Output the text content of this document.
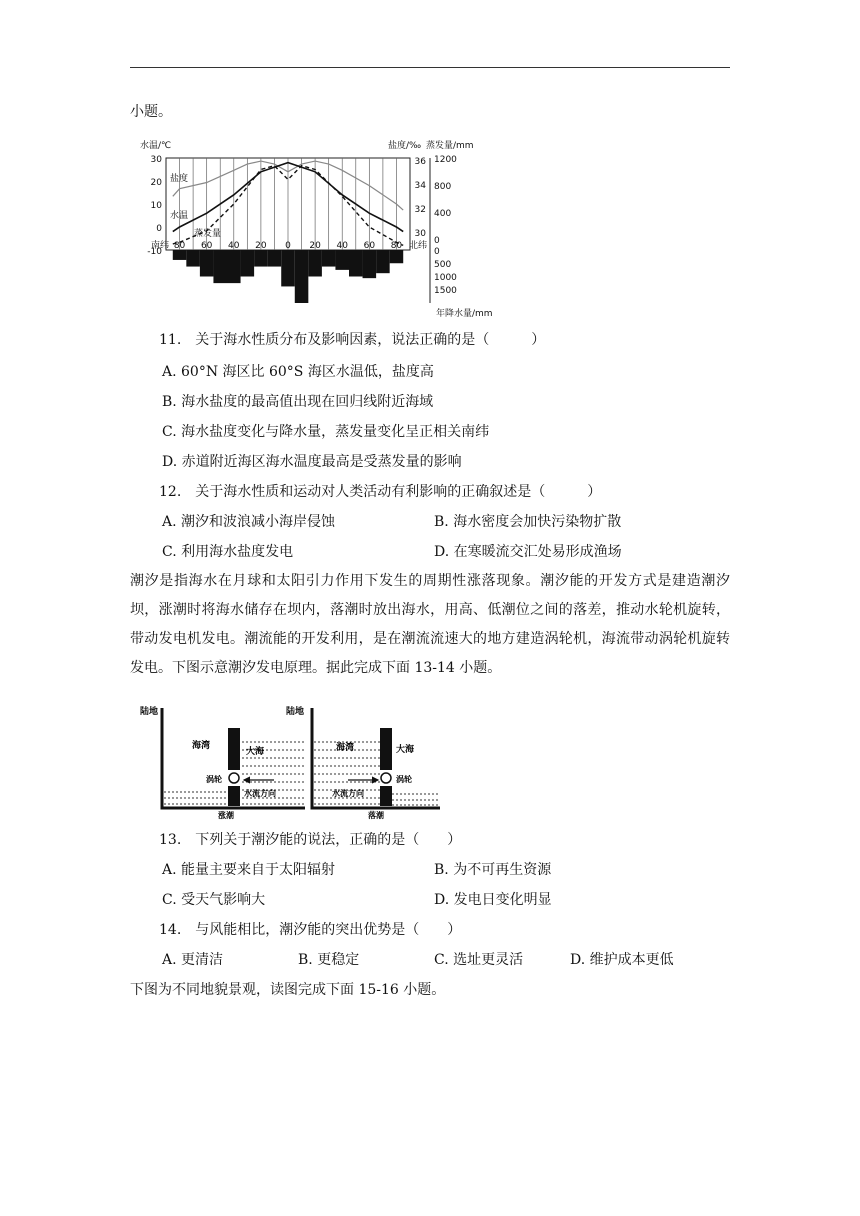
小题。
水温/℃	盐度/‰ 蒸发量/mm
年降水量/mm
30
20
10
0
-10
36
34
32
30
1200
800
400
0
0
500
1000
1500
南纬 80 60 40 20 0 20 40 60 80 北纬
盐度
水温
蒸发量
11.　关于海水性质分布及影响因素，说法正确的是（　　　）
A. 60°N 海区比 60°S 海区水温低，盐度高
B. 海水盐度的最高值出现在回归线附近海域
C. 海水盐度变化与降水量，蒸发量变化呈正相关南纬
D. 赤道附近海区海水温度最高是受蒸发量的影响
12.　关于海水性质和运动对人类活动有利影响的正确叙述是（　　　）
A. 潮汐和波浪减小海岸侵蚀	B. 海水密度会加快污染物扩散
C. 利用海水盐度发电	D. 在寒暖流交汇处易形成渔场
潮汐是指海水在月球和太阳引力作用下发生的周期性涨落现象。潮汐能的开发方式是建造潮汐坝，涨潮时将海水储存在坝内，落潮时放出海水，用高、低潮位之间的落差，推动水轮机旋转，带动发电机发电。潮流能的开发利用，是在潮流流速大的地方建造涡轮机，海流带动涡轮机旋转发电。下图示意潮汐发电原理。据此完成下面 13-14 小题。
陆地
海湾
大海
涡轮
水流方向
涨潮
陆地
海湾	大海
涡轮
水流方向
落潮
13.　下列关于潮汐能的说法，正确的是（　　）
A. 能量主要来自于太阳辐射	B. 为不可再生资源
C. 受天气影响大	D. 发电日变化明显
14.　与风能相比，潮汐能的突出优势是（　　）
A. 更清洁	B. 更稳定	C. 选址更灵活	D. 维护成本更低
下图为不同地貌景观，读图完成下面 15-16 小题。
